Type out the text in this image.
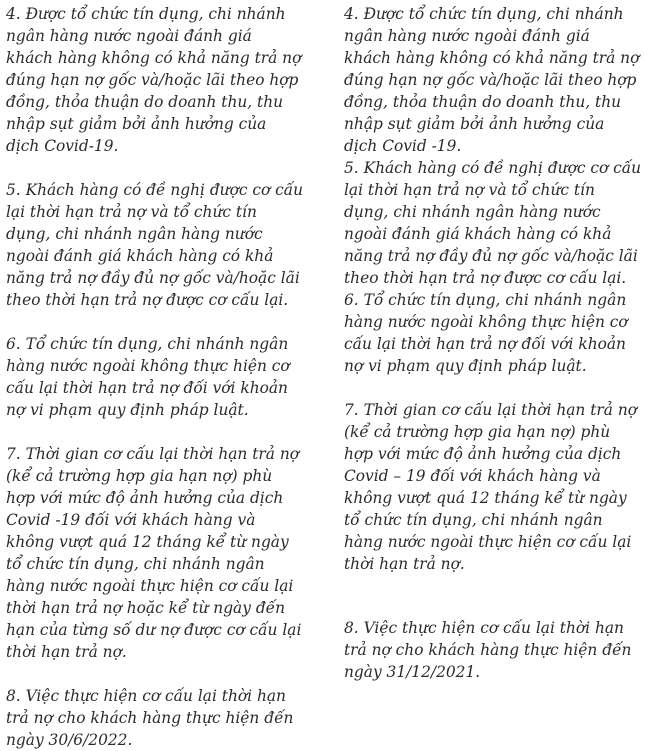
4. Được tổ chức tín dụng, chi nhánh
ngân hàng nước ngoài đánh giá
khách hàng không có khả năng trả nợ
đúng hạn nợ gốc và/hoặc lãi theo hợp
đồng, thỏa thuận do doanh thu, thu
nhập sụt giảm bởi ảnh hưởng của
dịch Covid-19.

5. Khách hàng có đề nghị được cơ cấu
lại thời hạn trả nợ và tổ chức tín
dụng, chi nhánh ngân hàng nước
ngoài đánh giá khách hàng có khả
năng trả nợ đầy đủ nợ gốc và/hoặc lãi
theo thời hạn trả nợ được cơ cấu lại.

6. Tổ chức tín dụng, chi nhánh ngân
hàng nước ngoài không thực hiện cơ
cấu lại thời hạn trả nợ đối với khoản
nợ vi phạm quy định pháp luật.

7. Thời gian cơ cấu lại thời hạn trả nợ
(kể cả trường hợp gia hạn nợ) phù
hợp với mức độ ảnh hưởng của dịch
Covid -19 đối với khách hàng và
không vượt quá 12 tháng kể từ ngày
tổ chức tín dụng, chi nhánh ngân
hàng nước ngoài thực hiện cơ cấu lại
thời hạn trả nợ hoặc kể từ ngày đến
hạn của từng số dư nợ được cơ cấu lại
thời hạn trả nợ.

8. Việc thực hiện cơ cấu lại thời hạn
trả nợ cho khách hàng thực hiện đến
ngày 30/6/2022.

4. Được tổ chức tín dụng, chi nhánh
ngân hàng nước ngoài đánh giá
khách hàng không có khả năng trả nợ
đúng hạn nợ gốc và/hoặc lãi theo hợp
đồng, thỏa thuận do doanh thu, thu
nhập sụt giảm bởi ảnh hưởng của
dịch Covid -19.

5. Khách hàng có đề nghị được cơ cấu
lại thời hạn trả nợ và tổ chức tín
dụng, chi nhánh ngân hàng nước
ngoài đánh giá khách hàng có khả
năng trả nợ đầy đủ nợ gốc và/hoặc lãi
theo thời hạn trả nợ được cơ cấu lại.

6. Tổ chức tín dụng, chi nhánh ngân
hàng nước ngoài không thực hiện cơ
cấu lại thời hạn trả nợ đối với khoản
nợ vi phạm quy định pháp luật.

7. Thời gian cơ cấu lại thời hạn trả nợ
(kể cả trường hợp gia hạn nợ) phù
hợp với mức độ ảnh hưởng của dịch
Covid – 19 đối với khách hàng và
không vượt quá 12 tháng kể từ ngày
tổ chức tín dụng, chi nhánh ngân
hàng nước ngoài thực hiện cơ cấu lại
thời hạn trả nợ.

8. Việc thực hiện cơ cấu lại thời hạn
trả nợ cho khách hàng thực hiện đến
ngày 31/12/2021.
